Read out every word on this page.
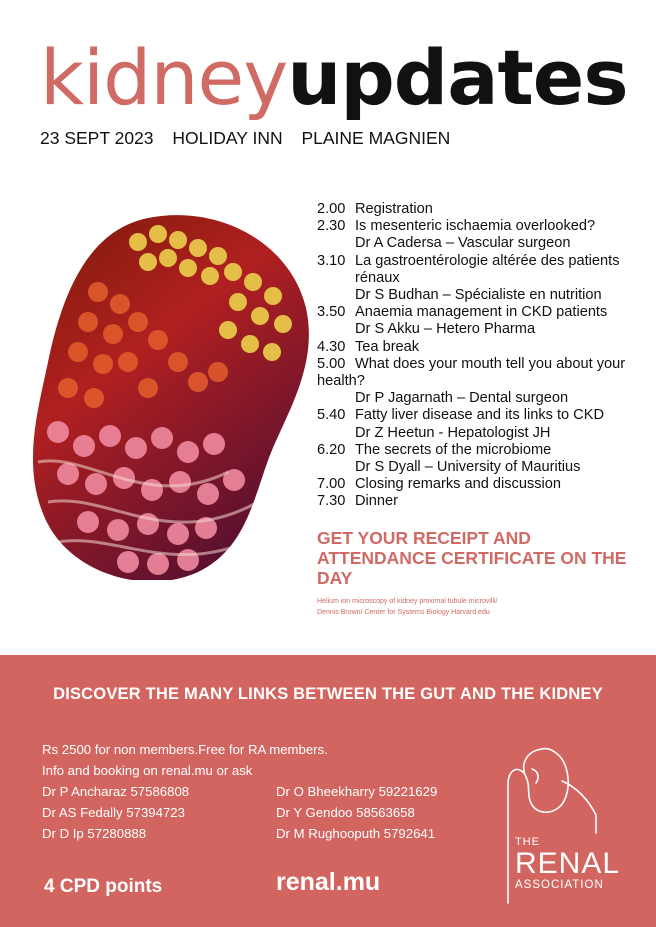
kidneyupdates
23 SEPT 2023 HOLIDAY INN PLAINE MAGNIEN
2.00 Registration
2.30 Is mesenteric ischaemia overlooked?
Dr A Cadersa – Vascular surgeon
3.10 La gastroentérologie altérée des patients rénaux
Dr S Budhan – Spécialiste en nutrition
3.50 Anaemia management in CKD patients
Dr S Akku – Hetero Pharma
4.30 Tea break
5.00 What does your mouth tell you about your health?
Dr P Jagarnath – Dental surgeon
5.40 Fatty liver disease and its links to CKD
Dr Z Heetun - Hepatologist JH
6.20 The secrets of the microbiome
Dr S Dyall – University of Mauritius
7.00 Closing remarks and discussion
7.30 Dinner
GET YOUR RECEIPT AND ATTENDANCE CERTIFICATE ON THE DAY
Helium ion microscopy of kidney proximal tubule microvilli/
Dennis Brown/ Center for Systems Biology Harvard.edu
DISCOVER THE MANY LINKS BETWEEN THE GUT AND THE KIDNEY
Rs 2500 for non members.Free for RA members.
Info and booking on renal.mu or ask
Dr P Ancharaz 57586808
Dr AS Fedally 57394723
Dr D Ip 57280888
Dr O Bheekharry 59221629
Dr Y Gendoo 58563658
Dr M Rughooputh 5792641
4 CPD points	renal.mu
THE
RENAL
ASSOCIATION
